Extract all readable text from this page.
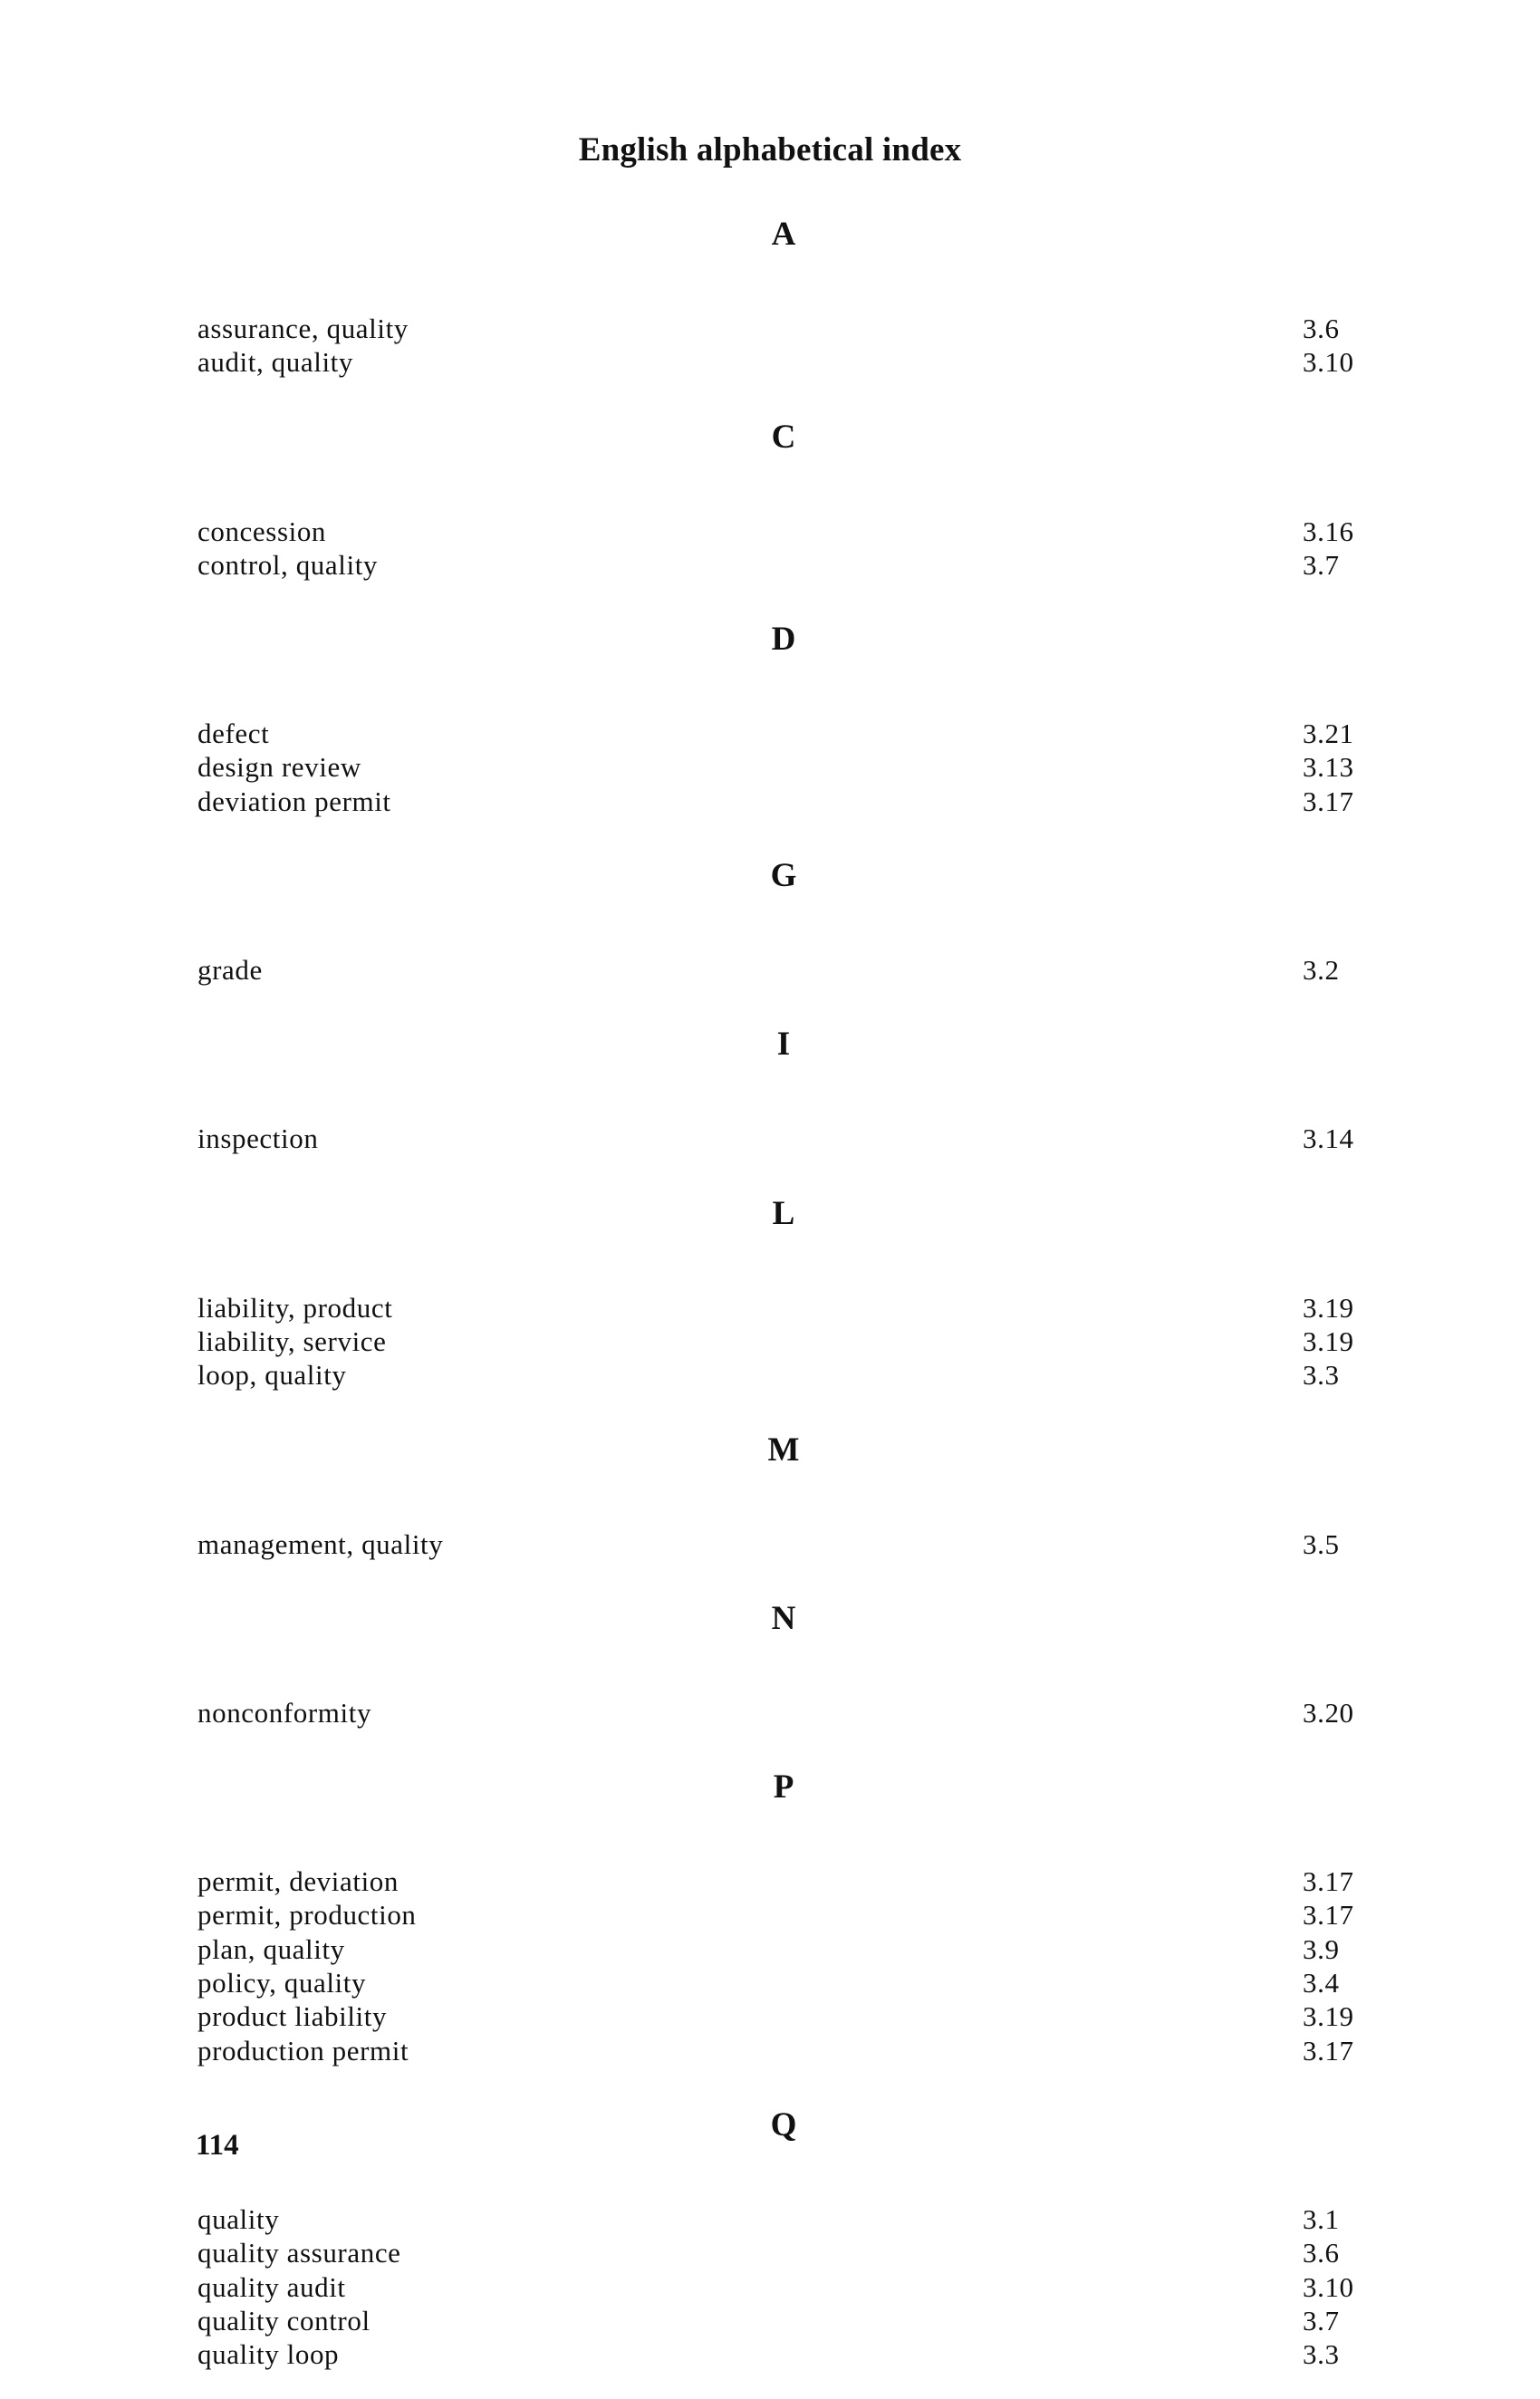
English alphabetical index
A
assurance, quality	3.6
audit, quality	3.10
C
concession	3.16
control, quality	3.7
D
defect	3.21
design review	3.13
deviation permit	3.17
G
grade	3.2
I
inspection	3.14
L
liability, product	3.19
liability, service	3.19
loop, quality	3.3
M
management, quality	3.5
N
nonconformity	3.20
P
permit, deviation	3.17
permit, production	3.17
plan, quality	3.9
policy, quality	3.4
product liability	3.19
production permit	3.17
Q
quality	3.1
quality assurance	3.6
quality audit	3.10
quality control	3.7
quality loop	3.3
114
